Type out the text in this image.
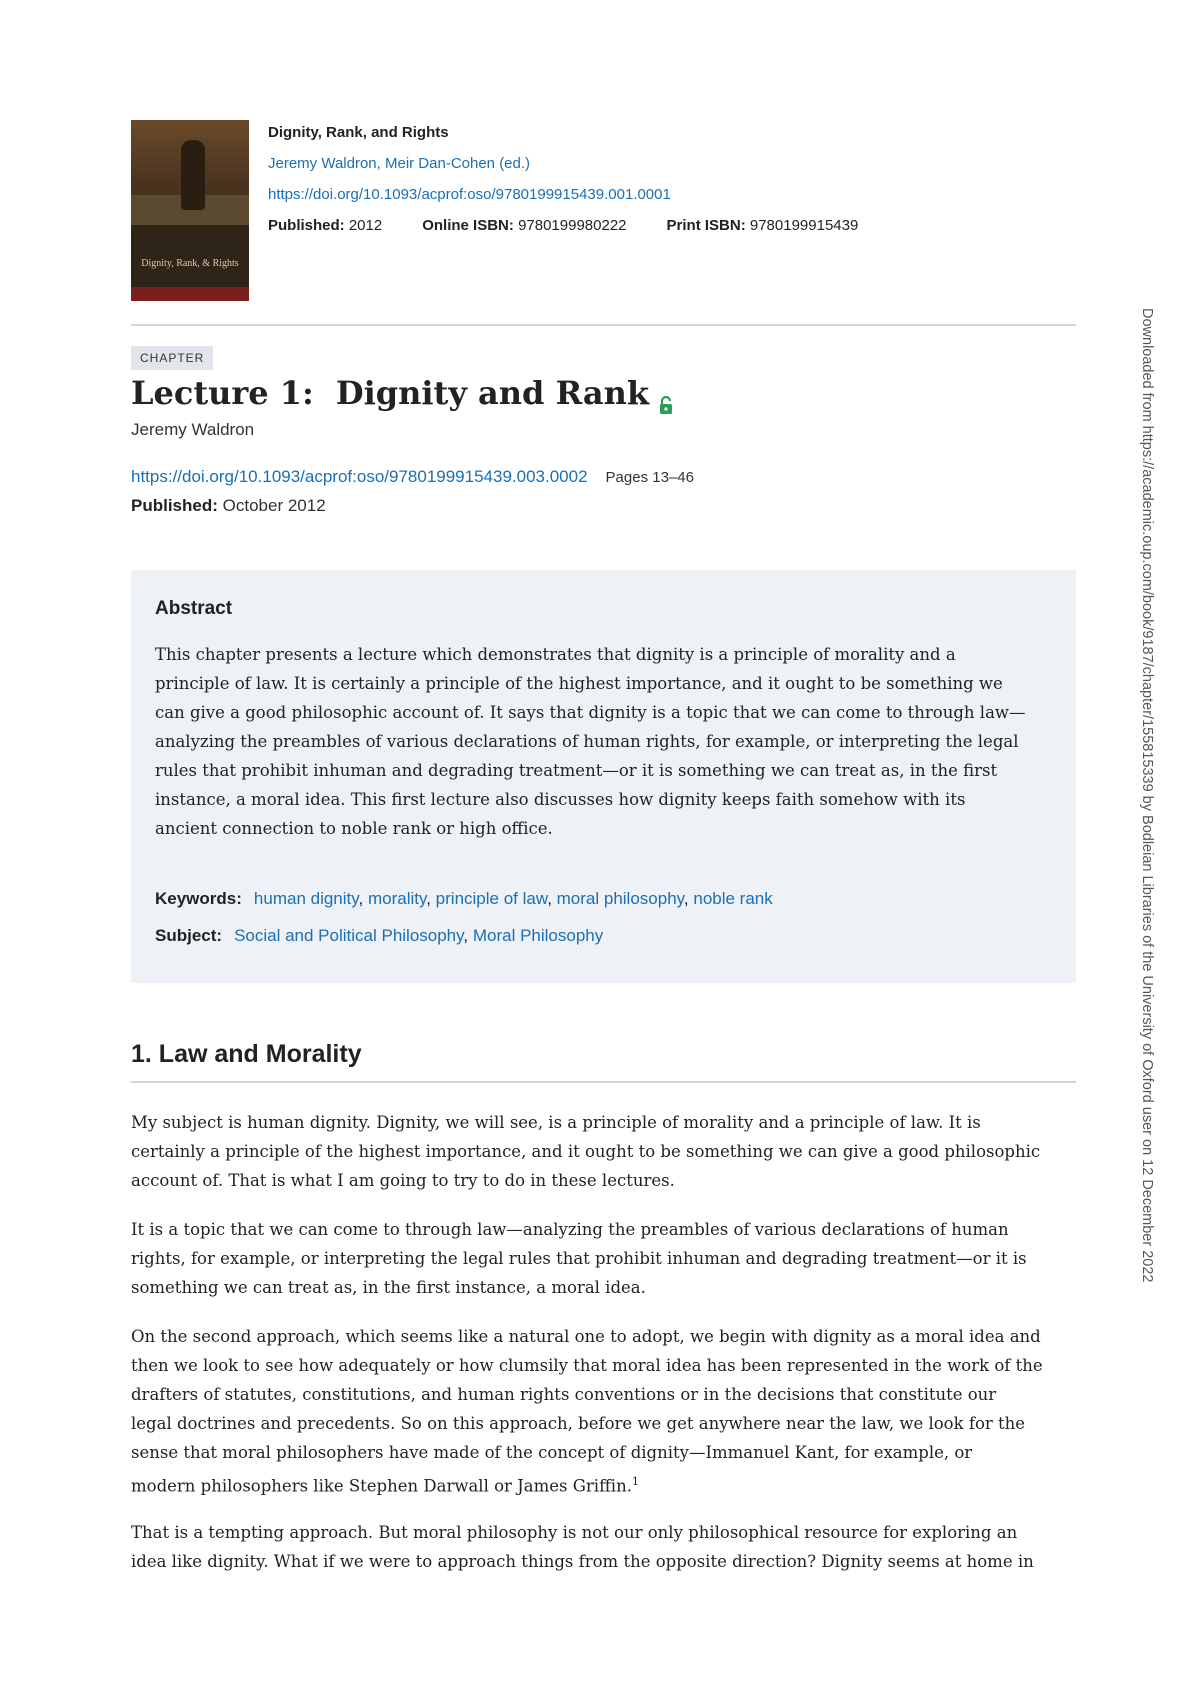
Dignity, Rank, & Rights
Dignity, Rank, and Rights
Jeremy Waldron, Meir Dan-Cohen (ed.)
https://doi.org/10.1093/acprof:oso/9780199915439.001.0001
Published: 2012	Online ISBN: 9780199980222	Print ISBN: 9780199915439
CHAPTER
Lecture 1: Dignity and Rank
Jeremy Waldron
https://doi.org/10.1093/acprof:oso/9780199915439.003.0002 Pages 13–46
Published: October 2012
Abstract

This chapter presents a lecture which demonstrates that dignity is a principle of morality and a
principle of law. It is certainly a principle of the highest importance, and it ought to be something we
can give a good philosophic account of. It says that dignity is a topic that we can come to through law—
analyzing the preambles of various declarations of human rights, for example, or interpreting the legal
rules that prohibit inhuman and degrading treatment—or it is something we can treat as, in the first
instance, a moral idea. This first lecture also discusses how dignity keeps faith somehow with its
ancient connection to noble rank or high office.

Keywords: human dignity, morality, principle of law, moral philosophy, noble rank
Subject: Social and Political Philosophy, Moral Philosophy
1. Law and Morality

My subject is human dignity. Dignity, we will see, is a principle of morality and a principle of law. It is
certainly a principle of the highest importance, and it ought to be something we can give a good philosophic
account of. That is what I am going to try to do in these lectures.

It is a topic that we can come to through law—analyzing the preambles of various declarations of human
rights, for example, or interpreting the legal rules that prohibit inhuman and degrading treatment—or it is
something we can treat as, in the first instance, a moral idea.

On the second approach, which seems like a natural one to adopt, we begin with dignity as a moral idea and
then we look to see how adequately or how clumsily that moral idea has been represented in the work of the
drafters of statutes, constitutions, and human rights conventions or in the decisions that constitute our
legal doctrines and precedents. So on this approach, before we get anywhere near the law, we look for the
sense that moral philosophers have made of the concept of dignity—Immanuel Kant, for example, or
modern philosophers like Stephen Darwall or James Griffin.$^1$

That is a tempting approach. But moral philosophy is not our only philosophical resource for exploring an
idea like dignity. What if we were to approach things from the opposite direction? Dignity seems at home in

Downloaded from https://academic.oup.com/book/9187/chapter/155815339 by Bodleian Libraries of the University of Oxford user on 12 December 2022
